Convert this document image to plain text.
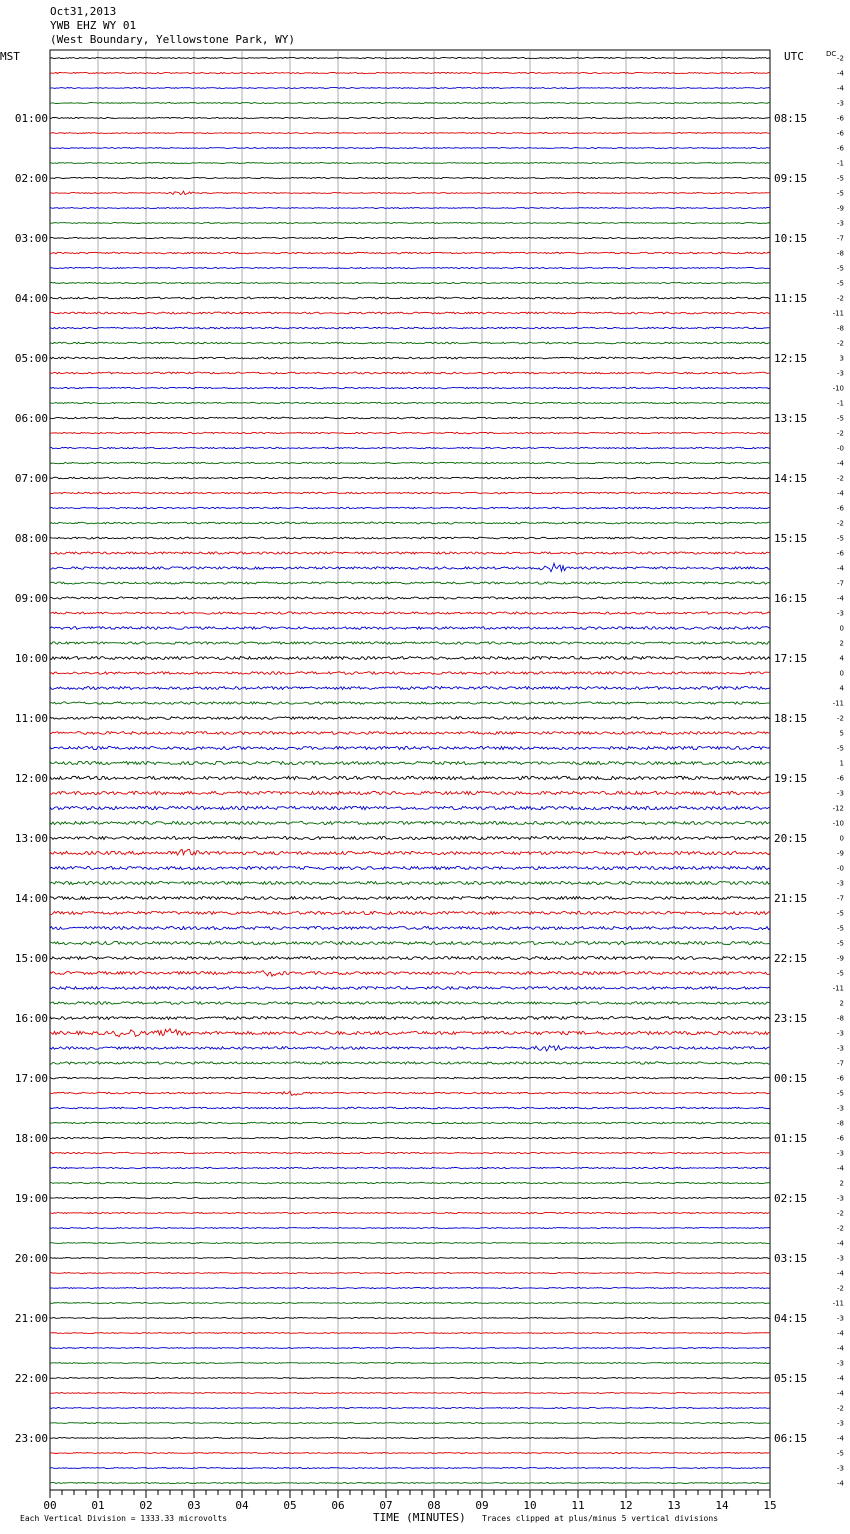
Oct31,2013
YWB EHZ WY 01
(West Boundary, Yellowstone Park, WY)
MST	UTC	-2
-4
-4
-3
-6
-6
-6
-1
-5
-5
-9
-3
-7
-8
-5
-5
-2
-11
-8
-2
3
-3
-10
-1
-5
-2
-0
-4
-2
-4
-6
-2
-5
-6
-4
-7
-4
-3
0
2
4
0
4
-11
-2
5
-5
1
-6
-3
-12
-10
0
-9
-0
-3
-7
-5
-5
-5
-9
-5
-11
2
-8
-3
-3
-7
-6
-5
-3
-8
-6
-3
-4
2
-3
-2
-2
-4
-3
-4
-2
-11
-3
-4
-4
-3
-4
-4
-2
-3
-4
-5
-3
-4
DC
01:00
02:00
03:00
04:00
05:00
06:00
07:00
08:00
09:00
10:00
11:00
12:00
13:00
14:00
15:00
16:00
17:00
18:00
19:00
20:00
21:00
22:00
23:00
08:15
09:15
10:15
11:15
12:15
13:15
14:15
15:15
16:15
17:15
18:15
19:15
20:15
21:15
22:15
23:15
00:15
01:15
02:15
03:15
04:15
05:15
06:15
00	01	02	03	04	05	06	07	08	09	10	11	12	13	14	15
Each Vertical Division = 1333.33 microvolts	TIME (MINUTES) Traces clipped at plus/minus 5 vertical divisions
